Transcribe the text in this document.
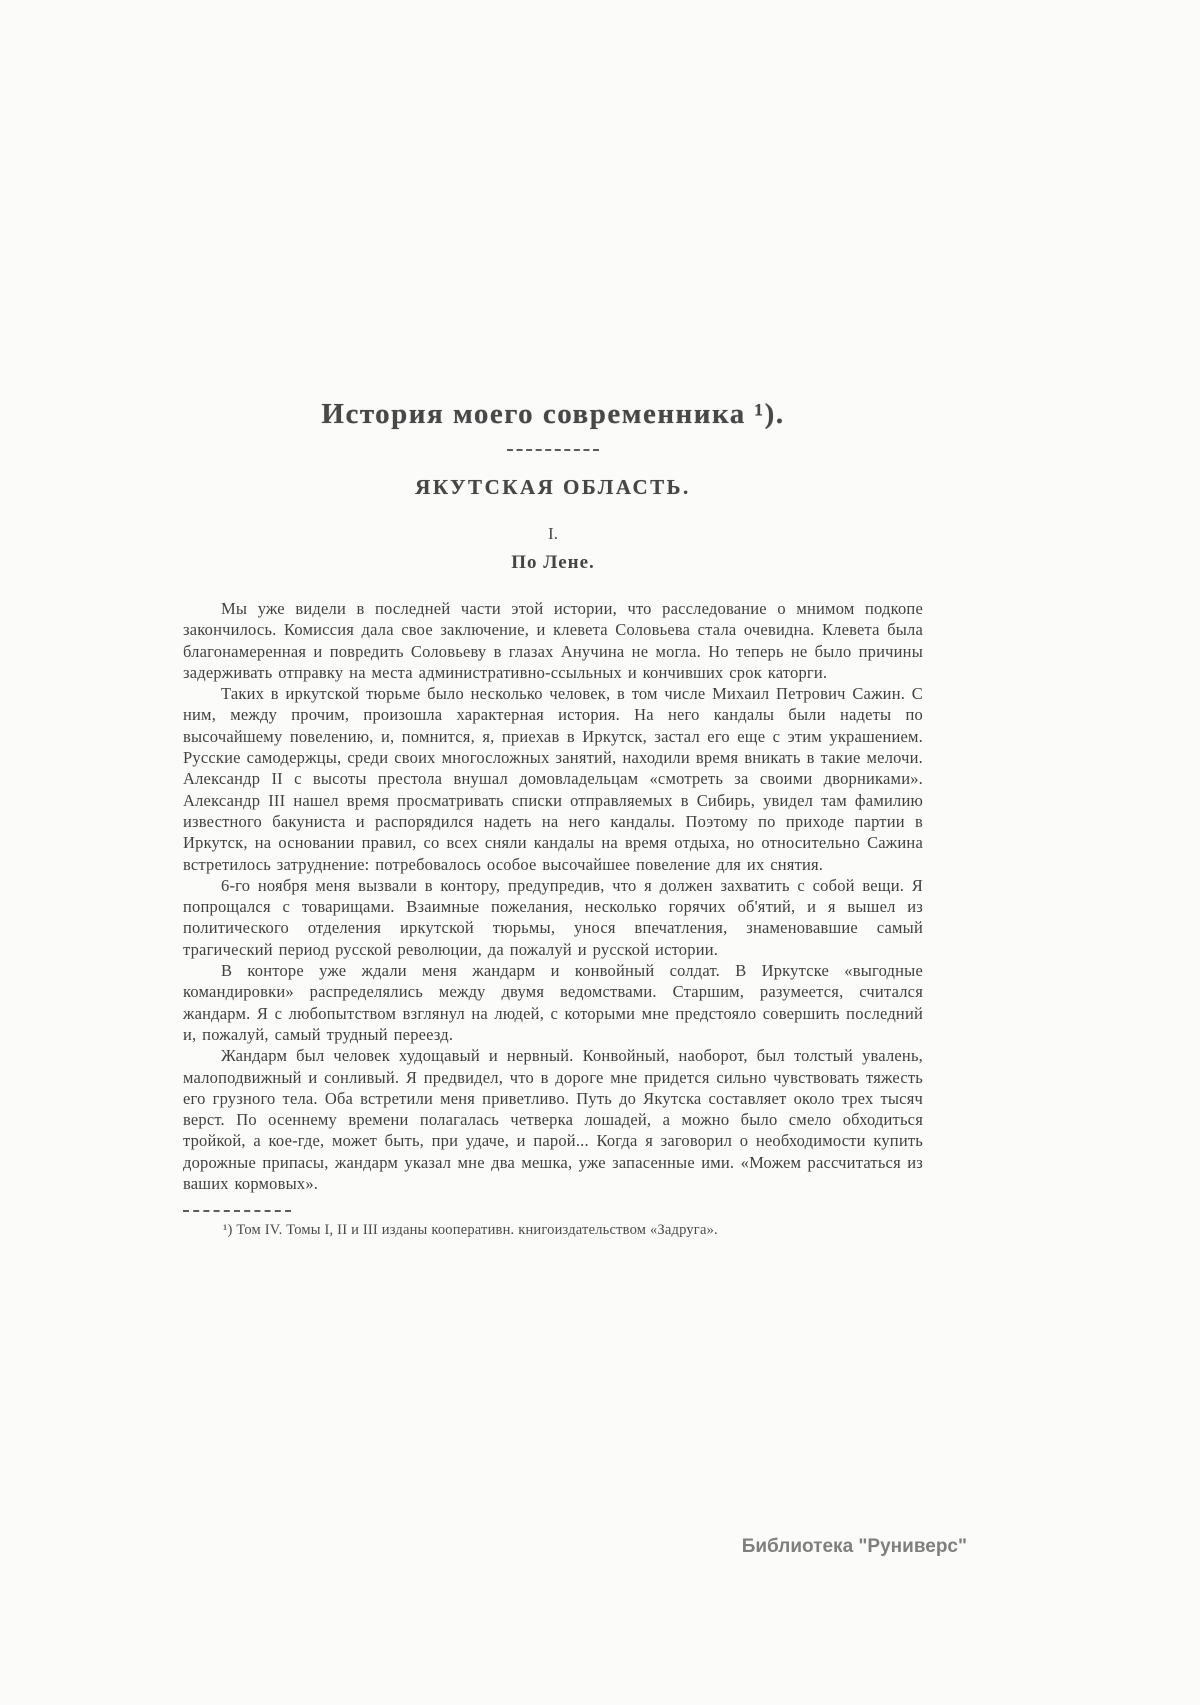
История моего современника ¹).
ЯКУТСКАЯ ОБЛАСТЬ.
I.
По Лене.

Мы уже видели в последней части этой истории, что расследование о мнимом подкопе закончилось. Комиссия дала свое заключение, и клевета Соловьева стала очевидна. Клевета была благонамеренная и повредить Соловьеву в глазах Анучина не могла. Но теперь не было причины задерживать отправку на места административно-ссыльных и кончивших срок каторги.

Таких в иркутской тюрьме было несколько человек, в том числе Михаил Петрович Сажин. С ним, между прочим, произошла характерная история. На него кандалы были надеты по высочайшему повелению, и, помнится, я, приехав в Иркутск, застал его еще с этим украшением. Русские самодержцы, среди своих многосложных занятий, находили время вникать в такие мелочи. Александр II с высоты престола внушал домовладельцам «смотреть за своими дворниками». Александр III нашел время просматривать списки отправляемых в Сибирь, увидел там фамилию известного бакуниста и распорядился надеть на него кандалы. Поэтому по приходе партии в Иркутск, на основании правил, со всех сняли кандалы на время отдыха, но относительно Сажина встретилось затруднение: потребовалось особое высочайшее повеление для их снятия.

6-го ноября меня вызвали в контору, предупредив, что я должен захватить с собой вещи. Я попрощался с товарищами. Взаимные пожелания, несколько горячих об'ятий, и я вышел из политического отделения иркутской тюрьмы, унося впечатления, знаменовавшие самый трагический период русской революции, да пожалуй и русской истории.

В конторе уже ждали меня жандарм и конвойный солдат. В Иркутске «выгодные командировки» распределялись между двумя ведомствами. Старшим, разумеется, считался жандарм. Я с любопытством взглянул на людей, с которыми мне предстояло совершить последний и, пожалуй, самый трудный переезд.

Жандарм был человек худощавый и нервный. Конвойный, наоборот, был толстый увалень, малоподвижный и сонливый. Я предвидел, что в дороге мне придется сильно чувствовать тяжесть его грузного тела. Оба встретили меня приветливо. Путь до Якутска составляет около трех тысяч верст. По осеннему времени полагалась четверка лошадей, а можно было смело обходиться тройкой, а кое-где, может быть, при удаче, и парой... Когда я заговорил о необходимости купить дорожные припасы, жандарм указал мне два мешка, уже запасенные ими. «Можем рассчитаться из ваших кормовых».

¹) Том IV. Томы I, II и III изданы кооперативн. книгоиздательством «Задруга».

Библиотека "Руниверс"
